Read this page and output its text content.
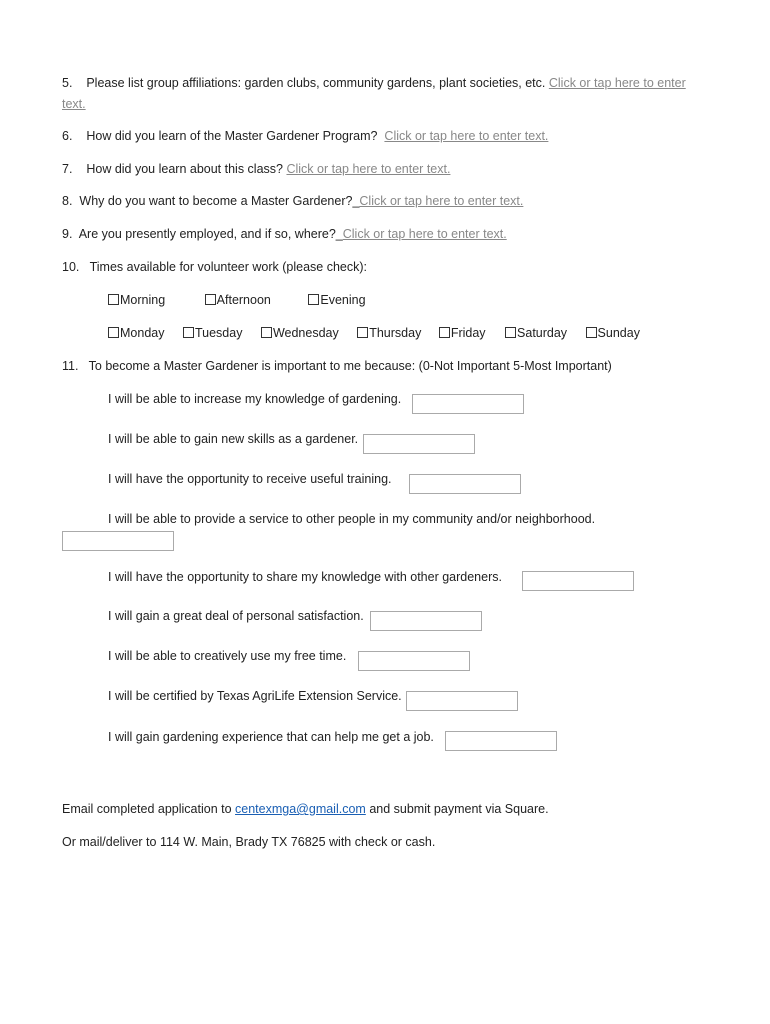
5. Please list group affiliations: garden clubs, community gardens, plant societies, etc. Click or tap here to enter
text.
6. How did you learn of the Master Gardener Program? Click or tap here to enter text.
7. How did you learn about this class? Click or tap here to enter text.
8. Why do you want to become a Master Gardener?_Click or tap here to enter text.
9. Are you presently employed, and if so, where?_Click or tap here to enter text.
10. Times available for volunteer work (please check):
Morning	Afternoon	Evening
Monday Tuesday Wednesday Thursday Friday	Saturday Sunday
11. To become a Master Gardener is important to me because: (0-Not Important 5-Most Important)
I will be able to increase my knowledge of gardening.
I will be able to gain new skills as a gardener.
I will have the opportunity to receive useful training.
I will be able to provide a service to other people in my community and/or neighborhood.
I will have the opportunity to share my knowledge with other gardeners.
I will gain a great deal of personal satisfaction.
I will be able to creatively use my free time.
I will be certified by Texas AgriLife Extension Service.
I will gain gardening experience that can help me get a job.
Email completed application to centexmga@gmail.com and submit payment via Square.
Or mail/deliver to 114 W. Main, Brady TX 76825 with check or cash.
